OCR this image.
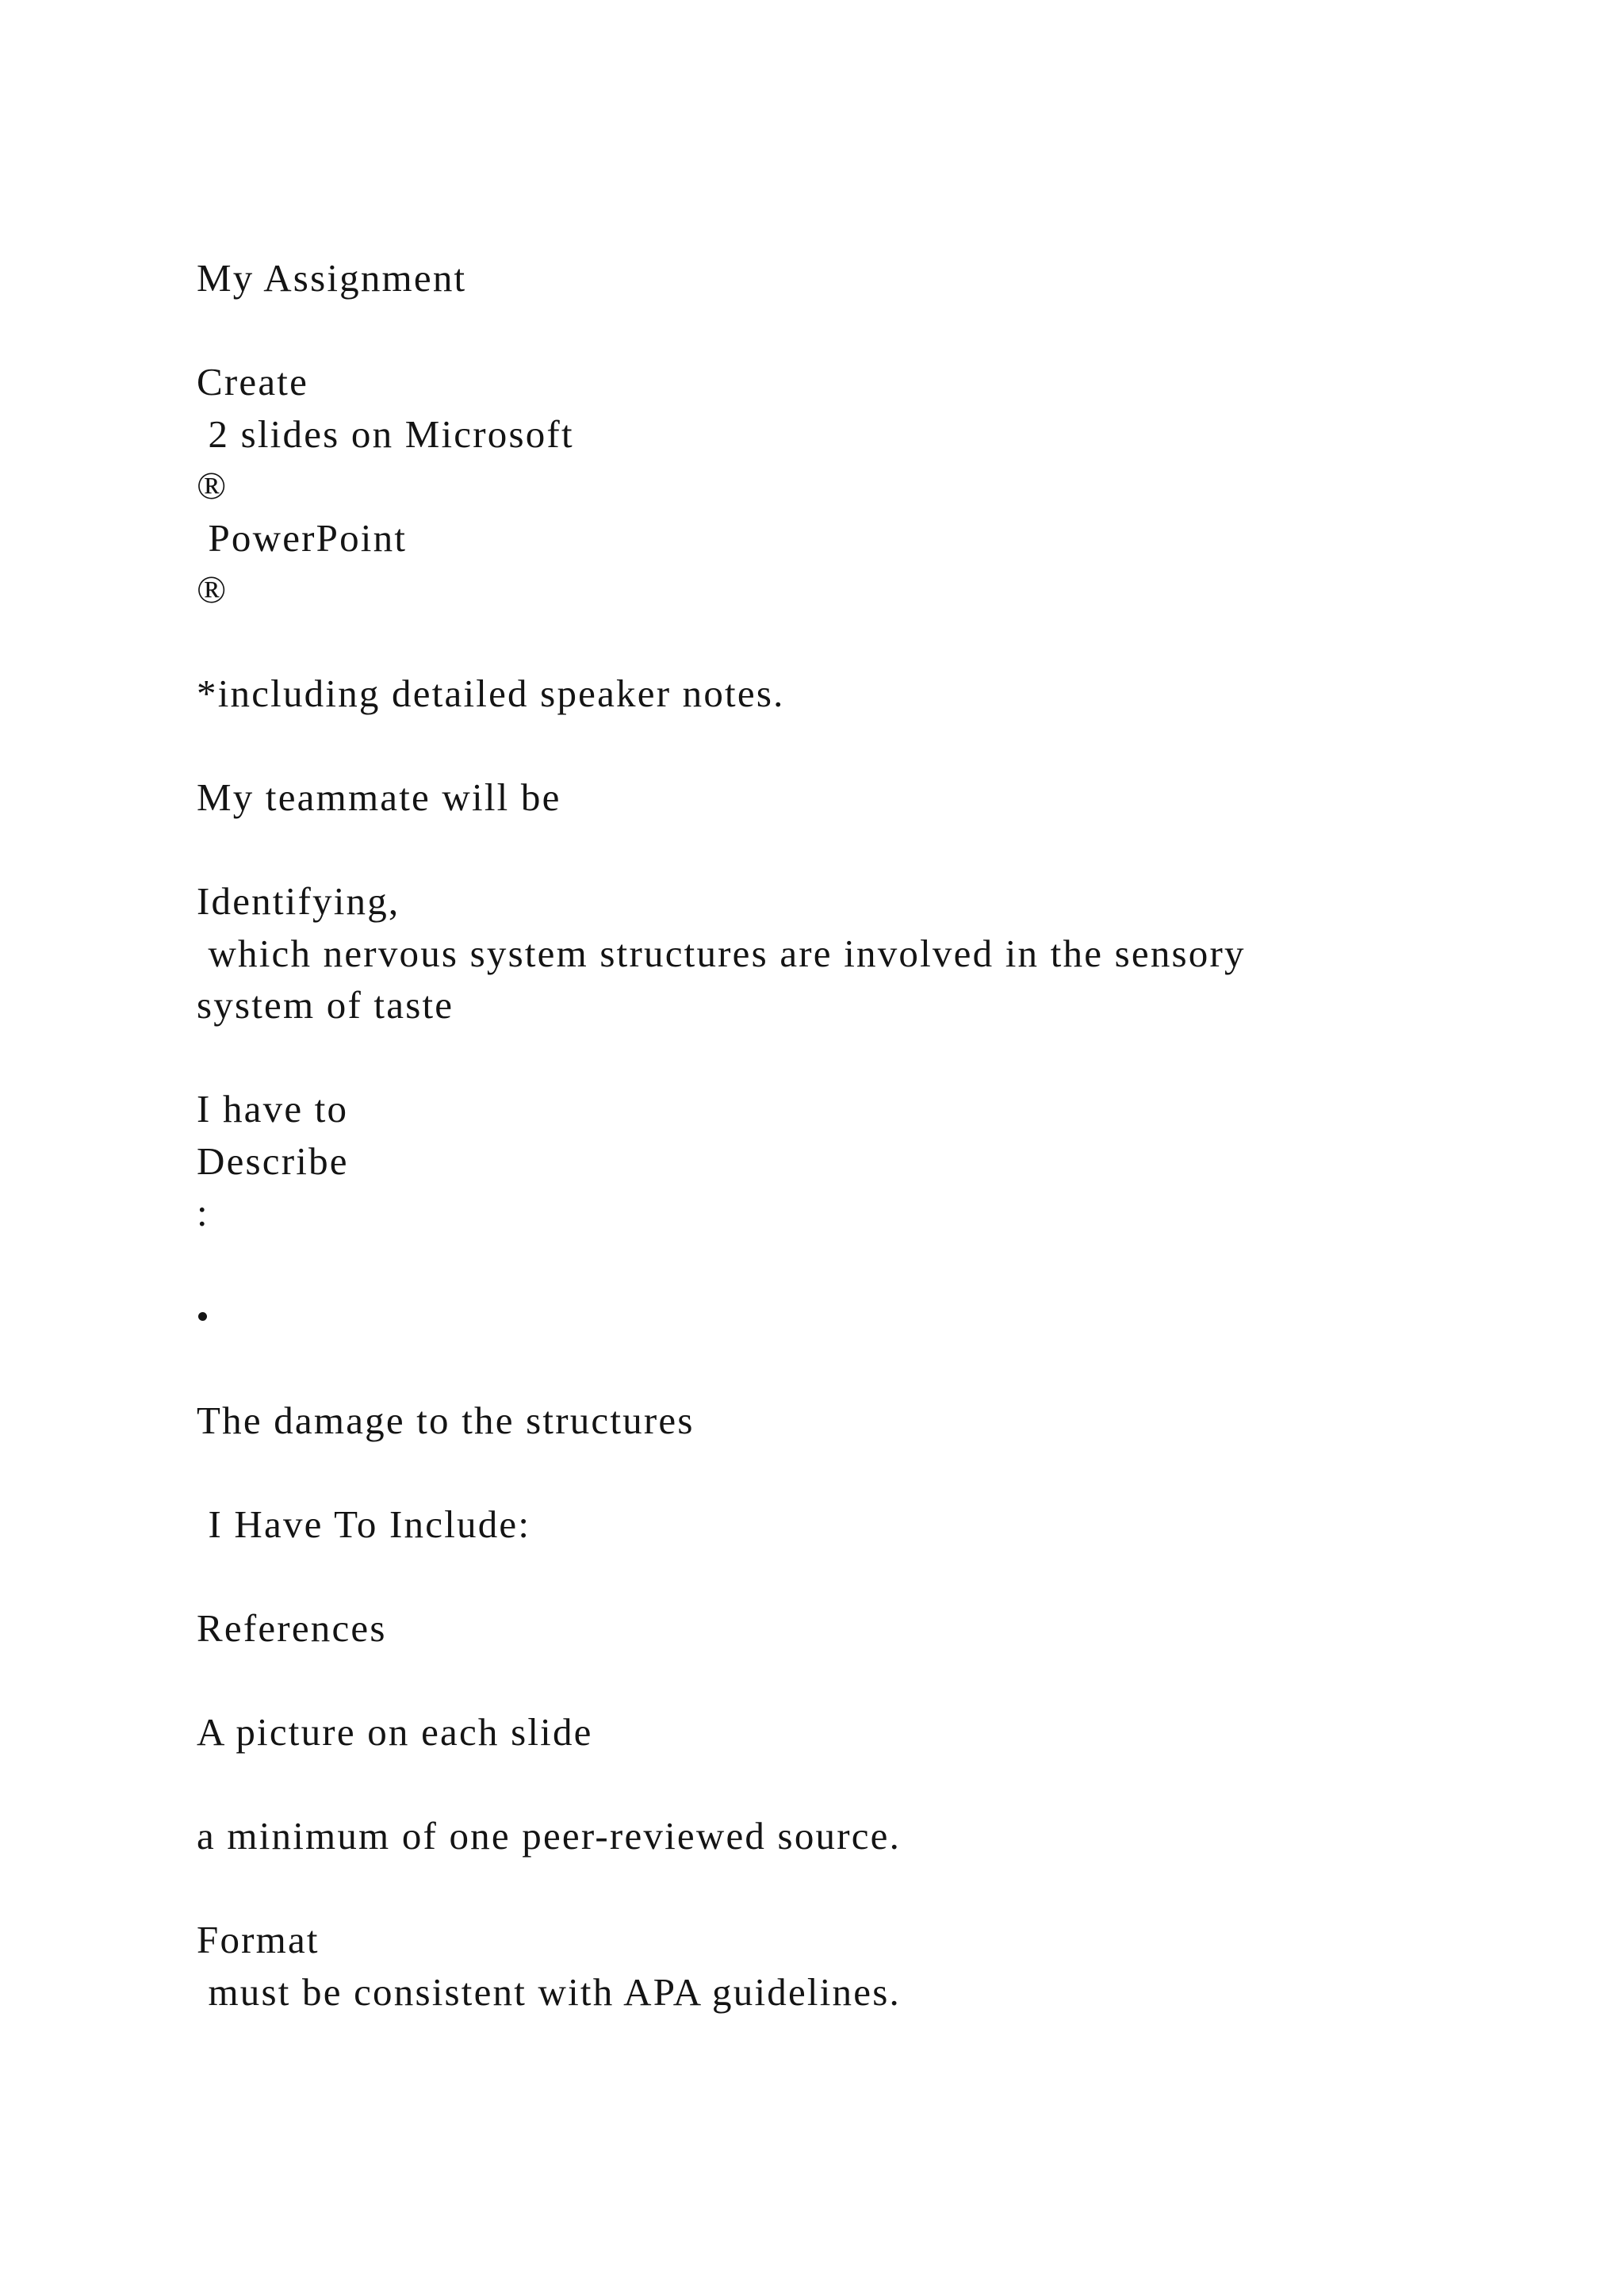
My Assignment
Create
2 slides on Microsoft
®
PowerPoint
®
*including detailed speaker notes.
My teammate will be
Identifying,
which nervous system structures are involved in the sensory
system of taste
I have to
Describe
:
The damage to the structures
I Have To Include:
References
A picture on each slide
a minimum of one peer-reviewed source.
Format
must be consistent with APA guidelines.
